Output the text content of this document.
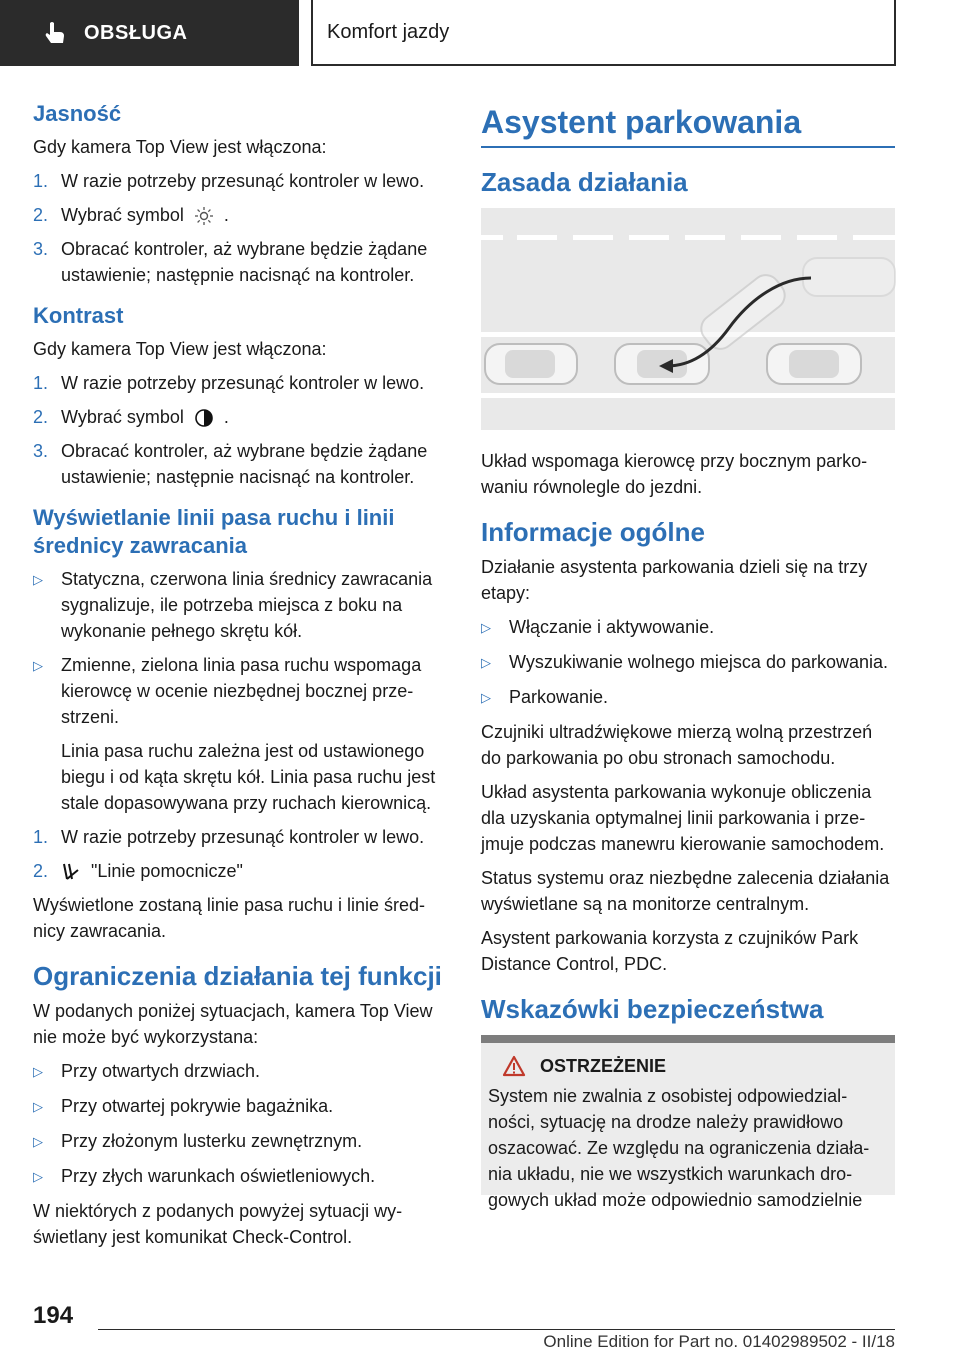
OBSŁUGA	Komfort jazdy
Jasność

Gdy kamera Top View jest włączona:

1. W razie potrzeby przesunąć kontroler w lewo.
2. Wybrać symbol .
3. Obracać kontroler, aż wybrane będzie żądane ustawienie; następnie nacisnąć na kontroler.
Kontrast

Gdy kamera Top View jest włączona:

1. W razie potrzeby przesunąć kontroler w lewo.
2. Wybrać symbol .
3. Obracać kontroler, aż wybrane będzie żądane ustawienie; następnie nacisnąć na kontroler.
Wyświetlanie linii pasa ruchu i linii średnicy zawracania
▷	Statyczna, czerwona linia średnicy zawracania sygnalizuje, ile potrzeba miejsca z boku na wykonanie pełnego skrętu kół.
▷	Zmienne, zielona linia pasa ruchu wspomaga kierowcę w ocenie niezbędnej bocznej przestrzeni.
Linia pasa ruchu zależna jest od ustawionego biegu i od kąta skrętu kół. Linia pasa ruchu jest stale dopasowywana przy ruchach kierownicą.
1. W razie potrzeby przesunąć kontroler w lewo.
2.	"Linie pomocnicze"

Wyświetlone zostaną linie pasa ruchu i linie średnicy zawracania.

Ograniczenia działania tej funkcji

W podanych poniżej sytuacjach, kamera Top View nie może być wykorzystana:

▷	Przy otwartych drzwiach.
▷	Przy otwartej pokrywie bagażnika.
▷	Przy złożonym lusterku zewnętrznym.
▷	Przy złych warunkach oświetleniowych.

W niektórych z podanych powyżej sytuacji wyświetlany jest komunikat Check-Control.

Asystent parkowania
Zasada działania

Układ wspomaga kierowcę przy bocznym parkowaniu równolegle do jezdni.

Informacje ogólne

Działanie asystenta parkowania dzieli się na trzy etapy:

▷	Włączanie i aktywowanie.
▷	Wyszukiwanie wolnego miejsca do parkowania.
▷	Parkowanie.

Czujniki ultradźwiękowe mierzą wolną przestrzeń do parkowania po obu stronach samochodu.

Układ asystenta parkowania wykonuje obliczenia dla uzyskania optymalnej linii parkowania i przejmuje podczas manewru kierowanie samochodem.

Status systemu oraz niezbędne zalecenia działania wyświetlane są na monitorze centralnym.

Asystent parkowania korzysta z czujników Park Distance Control, PDC.

Wskazówki bezpieczeństwa
OSTRZEŻENIE

System nie zwalnia z osobistej odpowiedzialności, sytuację na drodze należy prawidłowo oszacować. Ze względu na ograniczenia działania układu, nie we wszystkich warunkach drogowych układ może odpowiednio samodzielnie

194
Online Edition for Part no. 01402989502 - II/18
